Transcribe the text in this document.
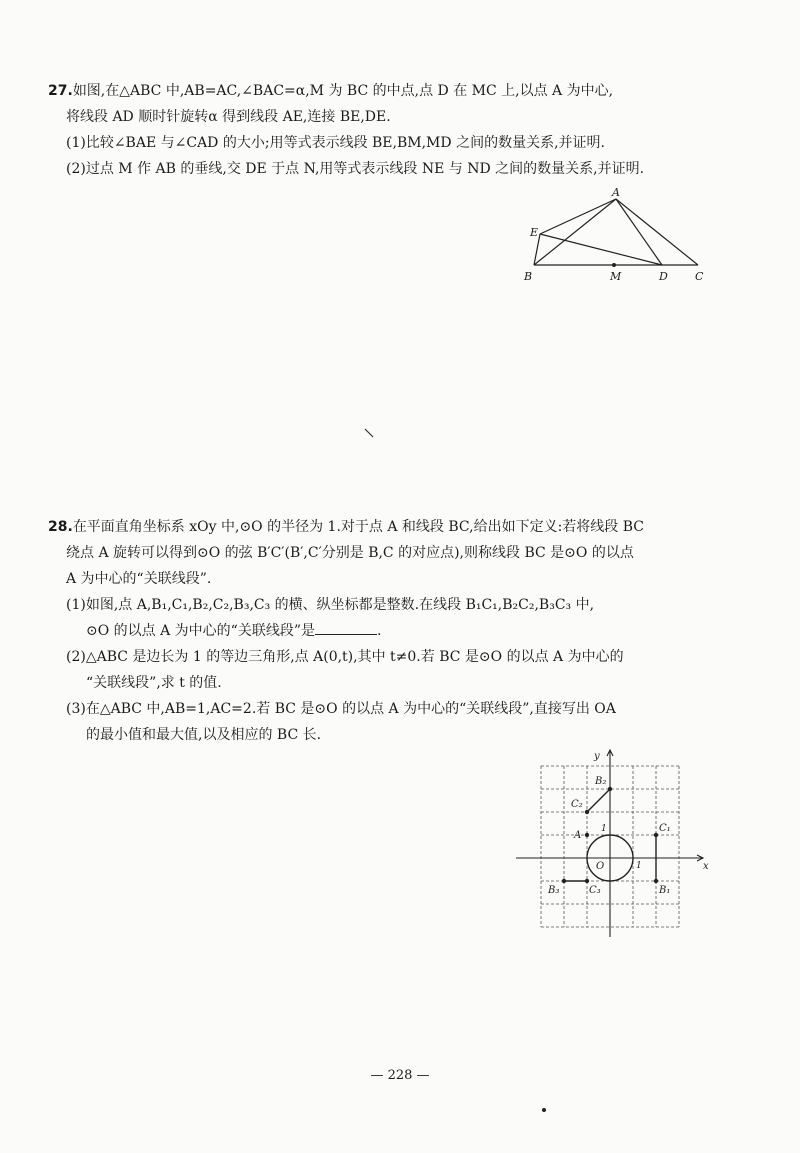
27.如图,在△ABC 中,AB=AC,∠BAC=α,M 为 BC 的中点,点 D 在 MC 上,以点 A 为中心,
将线段 AD 顺时针旋转α 得到线段 AE,连接 BE,DE.
(1)比较∠BAE 与∠CAD 的大小;用等式表示线段 BE,BM,MD 之间的数量关系,并证明.
(2)过点 M 作 AB 的垂线,交 DE 于点 N,用等式表示线段 NE 与 ND 之间的数量关系,并证明.
A
E
B	M	D C
28.在平面直角坐标系 xOy 中,⊙O 的半径为 1.对于点 A 和线段 BC,给出如下定义:若将线段 BC
绕点 A 旋转可以得到⊙O 的弦 B′C′(B′,C′分别是 B,C 的对应点),则称线段 BC 是⊙O 的以点
A 为中心的“关联线段”.
(1)如图,点 A,B₁,C₁,B₂,C₂,B₃,C₃ 的横、纵坐标都是整数.在线段 B₁C₁,B₂C₂,B₃C₃ 中,
⊙O 的以点 A 为中心的“关联线段”是	.
(2)△ABC 是边长为 1 的等边三角形,点 A(0,t),其中 t≠0.若 BC 是⊙O 的以点 A 为中心的
“关联线段”,求 t 的值.
(3)在△ABC 中,AB=1,AC=2.若 BC 是⊙O 的以点 A 为中心的“关联线段”,直接写出 OA
的最小值和最大值,以及相应的 BC 长.
y
x
O	1
1
A
B₂
C₂
C₁
B₁
B₃	C₃
— 228 —
